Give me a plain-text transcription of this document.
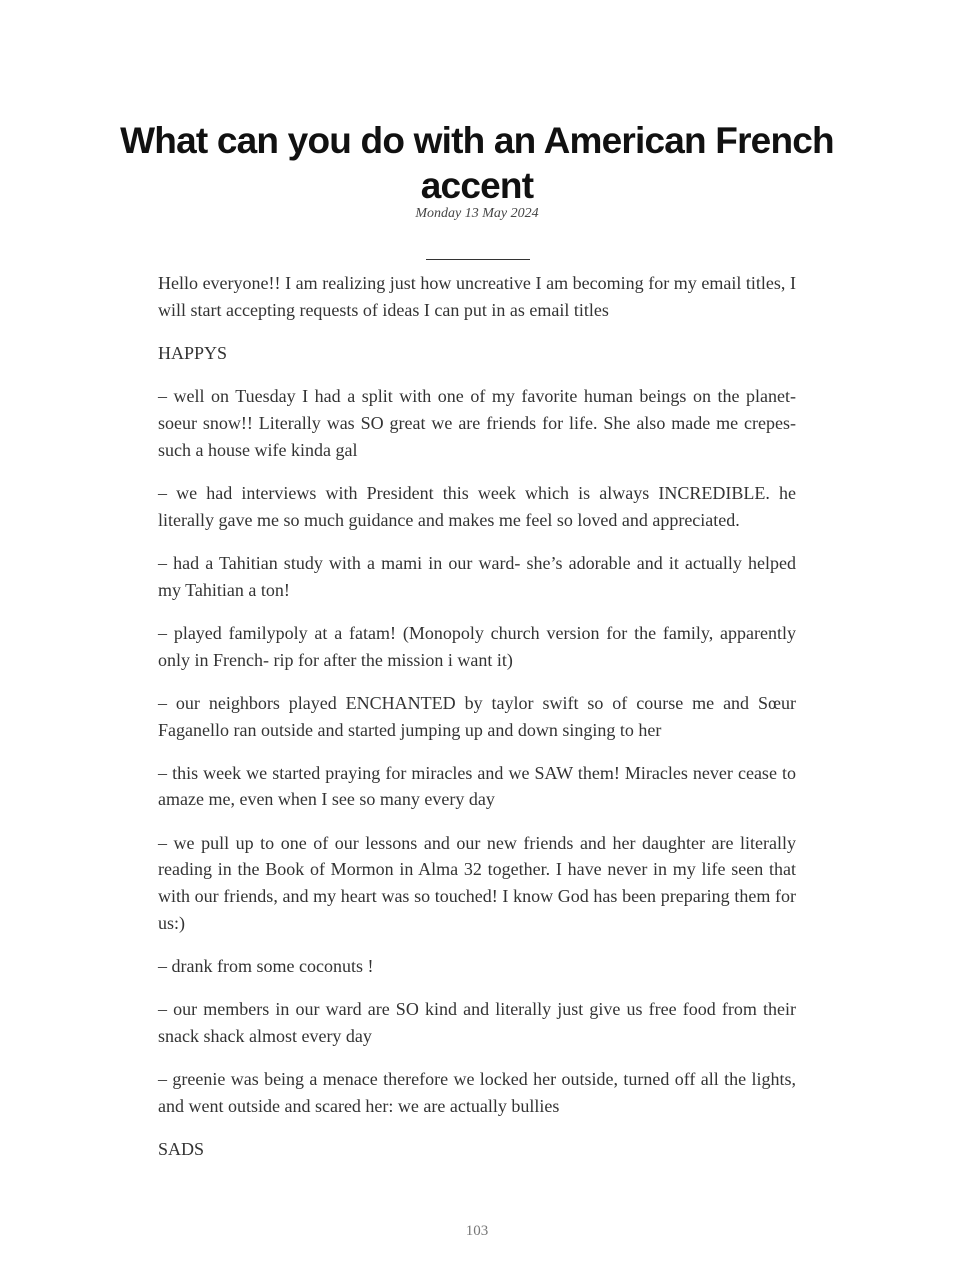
What can you do with an American French accent
Monday 13 May 2024

Hello everyone!! I am realizing just how uncreative I am becoming for my email titles, I will start accepting requests of ideas I can put in as email titles

HAPPYS

– well on Tuesday I had a split with one of my favorite human beings on the planet-soeur snow!! Literally was SO great we are friends for life. She also made me crepes- such a house wife kinda gal

– we had interviews with President this week which is always INCREDIBLE. he literally gave me so much guidance and makes me feel so loved and appreciated.

– had a Tahitian study with a mami in our ward- she’s adorable and it actually helped my Tahitian a ton!

– played familypoly at a fatam! (Monopoly church version for the family, apparently only in French- rip for after the mission i want it)

– our neighbors played ENCHANTED by taylor swift so of course me and Sœur Faganello ran outside and started jumping up and down singing to her

– this week we started praying for miracles and we SAW them! Miracles never cease to amaze me, even when I see so many every day

– we pull up to one of our lessons and our new friends and her daughter are literally reading in the Book of Mormon in Alma 32 together. I have never in my life seen that with our friends, and my heart was so touched! I know God has been preparing them for us:)

– drank from some coconuts !

– our members in our ward are SO kind and literally just give us free food from their snack shack almost every day

– greenie was being a menace therefore we locked her outside, turned off all the lights, and went outside and scared her: we are actually bullies

SADS

103
